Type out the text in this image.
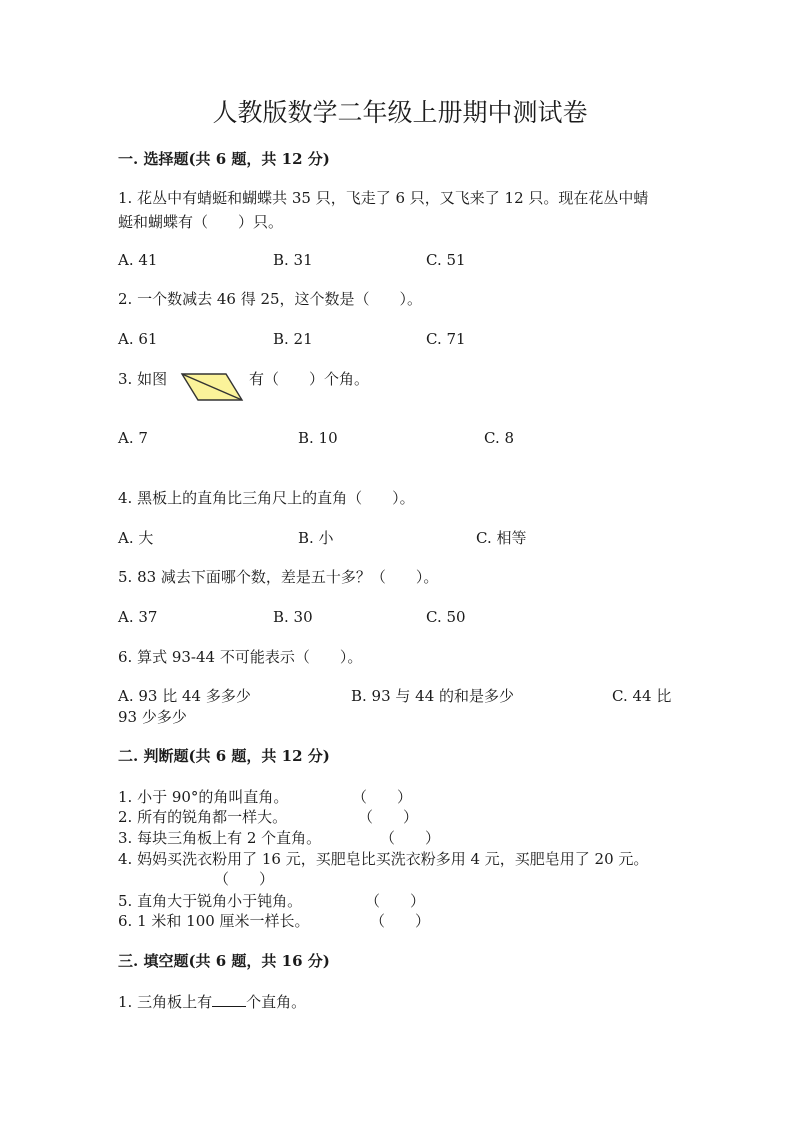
人教版数学二年级上册期中测试卷
一. 选择题(共 6 题，共 12 分)
1. 花丛中有蜻蜓和蝴蝶共 35 只，飞走了 6 只，又飞来了 12 只。现在花丛中蜻
蜓和蝴蝶有（　　）只。
A. 41	B. 31	C. 51
2. 一个数减去 46 得 25，这个数是（　　）。
A. 61	B. 21	C. 71
3. 如图	有（　　）个角。
A. 7	B. 10	C. 8
4. 黑板上的直角比三角尺上的直角（　　）。
A. 大	B. 小	C. 相等
5. 83 减去下面哪个数，差是五十多？（　　）。
A. 37	B. 30	C. 50
6. 算式 93-44 不可能表示（　　）。
A. 93 比 44 多多少	B. 93 与 44 的和是多少	C. 44 比
93 少多少
二. 判断题(共 6 题，共 12 分)
1. 小于 90°的角叫直角。	（　　）
2. 所有的锐角都一样大。	（　　）
3. 每块三角板上有 2 个直角。	（　　）
4. 妈妈买洗衣粉用了 16 元，买肥皂比买洗衣粉多用 4 元，买肥皂用了 20 元。
（　　）
5. 直角大于锐角小于钝角。	（　　）
6. 1 米和 100 厘米一样长。	（　　）
三. 填空题(共 6 题，共 16 分)
1. 三角板上有 个直角。
